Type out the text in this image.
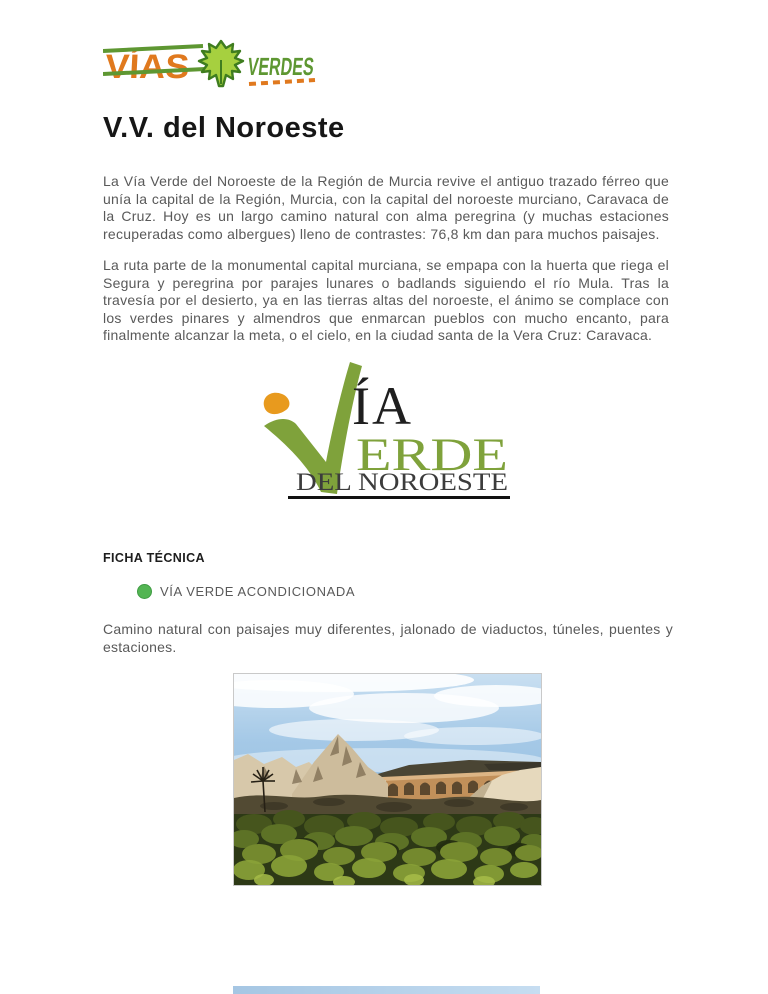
VÍAS VERDES
V.V. del Noroeste

La Vía Verde del Noroeste de la Región de Murcia revive el antiguo trazado férreo que unía la capital de la Región, Murcia, con la capital del noroeste murciano, Caravaca de la Cruz. Hoy es un largo camino natural con alma peregrina (y muchas estaciones recuperadas como albergues) lleno de contrastes: 76,8 km dan para muchos paisajes.

La ruta parte de la monumental capital murciana, se empapa con la huerta que riega el Segura y peregrina por parajes lunares o badlands siguiendo el río Mula. Tras la travesía por el desierto, ya en las tierras altas del noroeste, el ánimo se complace con los verdes pinares y almendros que enmarcan pueblos con mucho encanto, para finalmente alcanzar la meta, o el cielo, en la ciudad santa de la Vera Cruz: Caravaca.

ÍA
ERDE
DEL NOROESTE
FICHA TÉCNICA
VÍA VERDE ACONDICIONADA

Camino natural con paisajes muy diferentes, jalonado de viaductos, túneles, puentes y estaciones.
